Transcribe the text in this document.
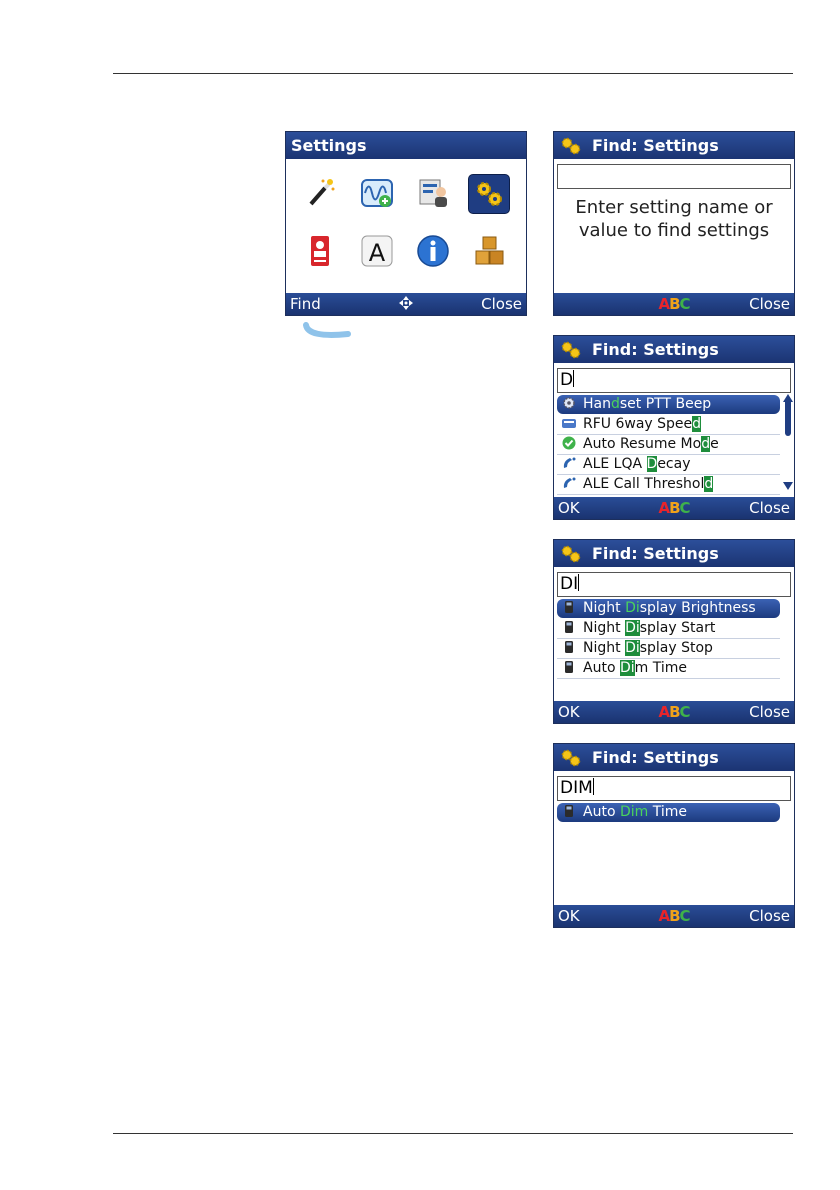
Settings
A
Find	Close
Find: Settings
Enter setting name or
value to find settings
ABC	Close
Find: Settings
D
Handset PTT Beep
RFU 6way Speed
Auto Resume Mode
ALE LQA Decay
ALE Call Threshold
OK	ABC	Close
Find: Settings
DI
Night Display Brightness
Night Display Start
Night Display Stop
Auto Dim Time
OK	ABC	Close
Find: Settings
DIM
Auto Dim Time
OK	ABC	Close
